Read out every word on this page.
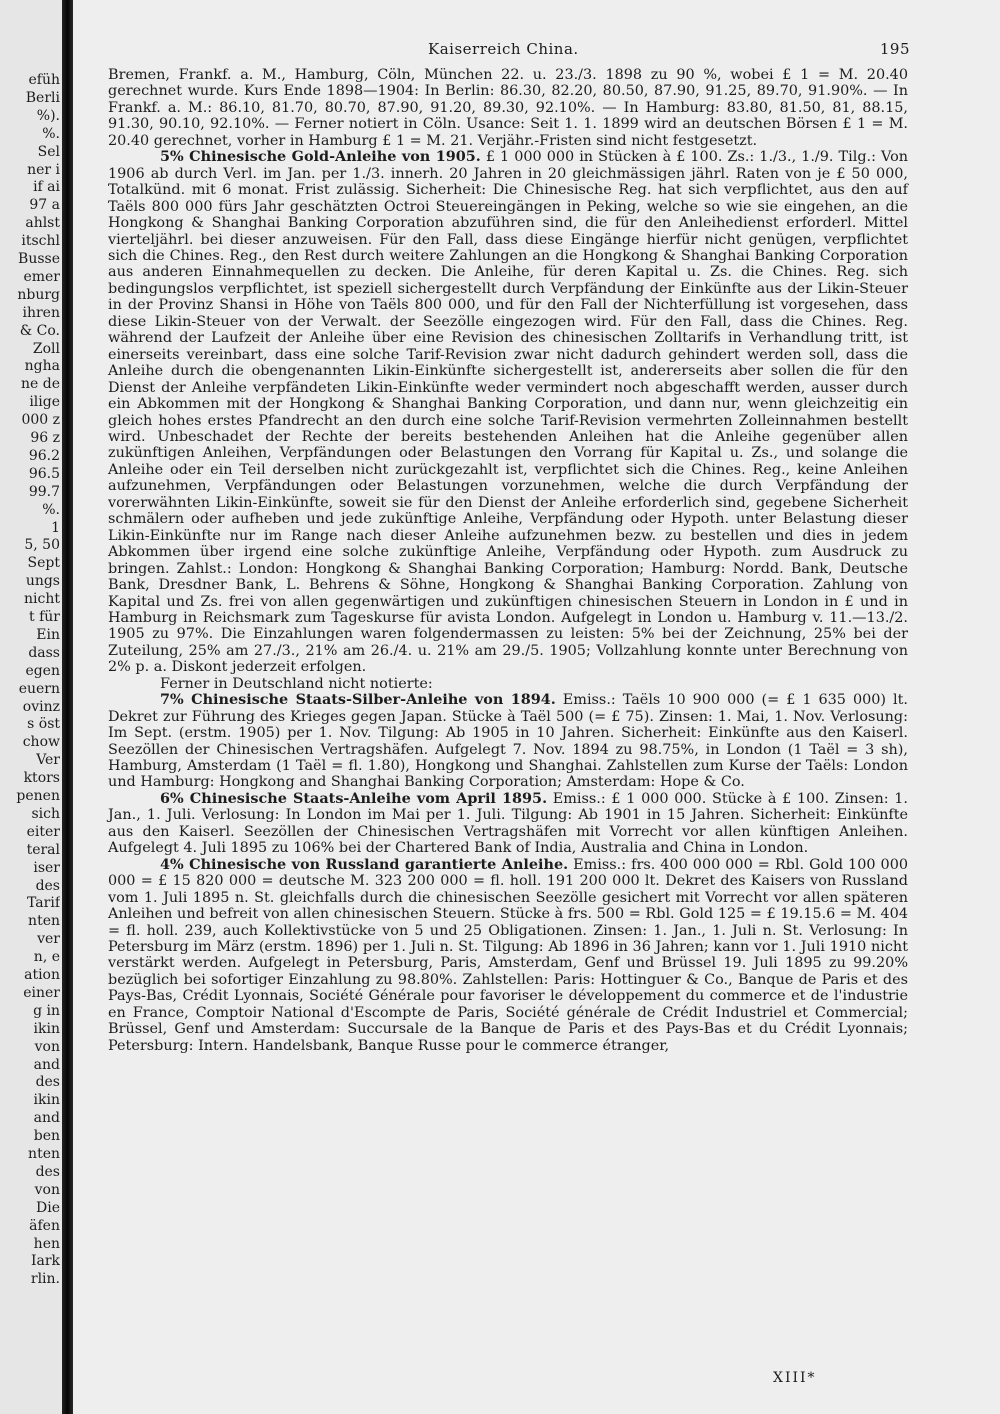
efüh
Berli
%).
%.
Sel
ner i
if ai
97 a
ahlst
itschl
Busse
emer
nburg
ihren
& Co.
Zoll
ngha
ne de
ilige
000 z
96 z
96.2
96.5
99.7
%.
1
5, 50
Sept
ungs
nicht
t für
Ein
dass
egen
euern
ovinz
s öst
chow
Ver
ktors
penen
sich
eiter
teral
iser
des
Tarif
nten
ver
n, e
ation
einer
g in
ikin
von
and
des
ikin
and
ben
nten
des
von
Die
äfen
hen
Iark
rlin.
Kaiserreich China.	195

Bremen, Frankf. a. M., Hamburg, Cöln, München 22. u. 23./3. 1898 zu 90 %, wobei £ 1 = M. 20.40 gerechnet wurde. Kurs Ende 1898—1904: In Berlin: 86.30, 82.20, 80.50, 87.90, 91.25, 89.70, 91.90%. — In Frankf. a. M.: 86.10, 81.70, 80.70, 87.90, 91.20, 89.30, 92.10%. — In Hamburg: 83.80, 81.50, 81, 88.15, 91.30, 90.10, 92.10%. — Ferner notiert in Cöln. Usance: Seit 1. 1. 1899 wird an deutschen Börsen £ 1 = M. 20.40 gerechnet, vorher in Hamburg £ 1 = M. 21. Verjähr.-Fristen sind nicht festgesetzt.

5% Chinesische Gold-Anleihe von 1905. £ 1 000 000 in Stücken à £ 100. Zs.: 1./3., 1./9. Tilg.: Von 1906 ab durch Verl. im Jan. per 1./3. innerh. 20 Jahren in 20 gleichmässigen jährl. Raten von je £ 50 000, Totalkünd. mit 6 monat. Frist zulässig. Sicherheit: Die Chinesische Reg. hat sich verpflichtet, aus den auf Taëls 800 000 fürs Jahr geschätzten Octroi Steuereingängen in Peking, welche so wie sie eingehen, an die Hongkong & Shanghai Banking Corporation abzuführen sind, die für den Anleihedienst erforderl. Mittel vierteljährl. bei dieser anzuweisen. Für den Fall, dass diese Eingänge hierfür nicht genügen, verpflichtet sich die Chines. Reg., den Rest durch weitere Zahlungen an die Hongkong & Shanghai Banking Corporation aus anderen Einnahmequellen zu decken. Die Anleihe, für deren Kapital u. Zs. die Chines. Reg. sich bedingungslos verpflichtet, ist speziell sichergestellt durch Verpfändung der Einkünfte aus der Likin-Steuer in der Provinz Shansi in Höhe von Taëls 800 000, und für den Fall der Nichterfüllung ist vorgesehen, dass diese Likin-Steuer von der Verwalt. der Seezölle eingezogen wird. Für den Fall, dass die Chines. Reg. während der Laufzeit der Anleihe über eine Revision des chinesischen Zolltarifs in Verhandlung tritt, ist einerseits vereinbart, dass eine solche Tarif-Revision zwar nicht dadurch gehindert werden soll, dass die Anleihe durch die obengenannten Likin-Einkünfte sichergestellt ist, andererseits aber sollen die für den Dienst der Anleihe verpfändeten Likin-Einkünfte weder vermindert noch abgeschafft werden, ausser durch ein Abkommen mit der Hongkong & Shanghai Banking Corporation, und dann nur, wenn gleichzeitig ein gleich hohes erstes Pfandrecht an den durch eine solche Tarif-Revision vermehrten Zolleinnahmen bestellt wird. Unbeschadet der Rechte der bereits bestehenden Anleihen hat die Anleihe gegenüber allen zukünftigen Anleihen, Verpfändungen oder Belastungen den Vorrang für Kapital u. Zs., und solange die Anleihe oder ein Teil derselben nicht zurückgezahlt ist, verpflichtet sich die Chines. Reg., keine Anleihen aufzunehmen, Verpfändungen oder Belastungen vorzunehmen, welche die durch Verpfändung der vorerwähnten Likin-Einkünfte, soweit sie für den Dienst der Anleihe erforderlich sind, gegebene Sicherheit schmälern oder aufheben und jede zukünftige Anleihe, Verpfändung oder Hypoth. unter Belastung dieser Likin-Einkünfte nur im Range nach dieser Anleihe aufzunehmen bezw. zu bestellen und dies in jedem Abkommen über irgend eine solche zukünftige Anleihe, Verpfändung oder Hypoth. zum Ausdruck zu bringen. Zahlst.: London: Hongkong & Shanghai Banking Corporation; Hamburg: Nordd. Bank, Deutsche Bank, Dresdner Bank, L. Behrens & Söhne, Hongkong & Shanghai Banking Corporation. Zahlung von Kapital und Zs. frei von allen gegenwärtigen und zukünftigen chinesischen Steuern in London in £ und in Hamburg in Reichsmark zum Tageskurse für avista London. Aufgelegt in London u. Hamburg v. 11.—13./2. 1905 zu 97%. Die Einzahlungen waren folgendermassen zu leisten: 5% bei der Zeichnung, 25% bei der Zuteilung, 25% am 27./3., 21% am 26./4. u. 21% am 29./5. 1905; Vollzahlung konnte unter Berechnung von 2% p. a. Diskont jederzeit erfolgen.

Ferner in Deutschland nicht notierte:

7% Chinesische Staats-Silber-Anleihe von 1894. Emiss.: Taëls 10 900 000 (= £ 1 635 000) lt. Dekret zur Führung des Krieges gegen Japan. Stücke à Taël 500 (= £ 75). Zinsen: 1. Mai, 1. Nov. Verlosung: Im Sept. (erstm. 1905) per 1. Nov. Tilgung: Ab 1905 in 10 Jahren. Sicherheit: Einkünfte aus den Kaiserl. Seezöllen der Chinesischen Vertragshäfen. Aufgelegt 7. Nov. 1894 zu 98.75%, in London (1 Taël = 3 sh), Hamburg, Amsterdam (1 Taël = fl. 1.80), Hongkong und Shanghai. Zahlstellen zum Kurse der Taëls: London und Hamburg: Hongkong and Shanghai Banking Corporation; Amsterdam: Hope & Co.

6% Chinesische Staats-Anleihe vom April 1895. Emiss.: £ 1 000 000. Stücke à £ 100. Zinsen: 1. Jan., 1. Juli. Verlosung: In London im Mai per 1. Juli. Tilgung: Ab 1901 in 15 Jahren. Sicherheit: Einkünfte aus den Kaiserl. Seezöllen der Chinesischen Vertragshäfen mit Vorrecht vor allen künftigen Anleihen. Aufgelegt 4. Juli 1895 zu 106% bei der Chartered Bank of India, Australia and China in London.

4% Chinesische von Russland garantierte Anleihe. Emiss.: frs. 400 000 000 = Rbl. Gold 100 000 000 = £ 15 820 000 = deutsche M. 323 200 000 = fl. holl. 191 200 000 lt. Dekret des Kaisers von Russland vom 1. Juli 1895 n. St. gleichfalls durch die chinesischen Seezölle gesichert mit Vorrecht vor allen späteren Anleihen und befreit von allen chinesischen Steuern. Stücke à frs. 500 = Rbl. Gold 125 = £ 19.15.6 = M. 404 = fl. holl. 239, auch Kollektivstücke von 5 und 25 Obligationen. Zinsen: 1. Jan., 1. Juli n. St. Verlosung: In Petersburg im März (erstm. 1896) per 1. Juli n. St. Tilgung: Ab 1896 in 36 Jahren; kann vor 1. Juli 1910 nicht verstärkt werden. Aufgelegt in Petersburg, Paris, Amsterdam, Genf und Brüssel 19. Juli 1895 zu 99.20% bezüglich bei sofortiger Einzahlung zu 98.80%. Zahlstellen: Paris: Hottinguer & Co., Banque de Paris et des Pays-Bas, Crédit Lyonnais, Société Générale pour favoriser le développement du commerce et de l'industrie en France, Comptoir National d'Escompte de Paris, Société générale de Crédit Industriel et Commercial; Brüssel, Genf und Amsterdam: Succursale de la Banque de Paris et des Pays-Bas et du Crédit Lyonnais; Petersburg: Intern. Handelsbank, Banque Russe pour le commerce étranger,

XIII*
